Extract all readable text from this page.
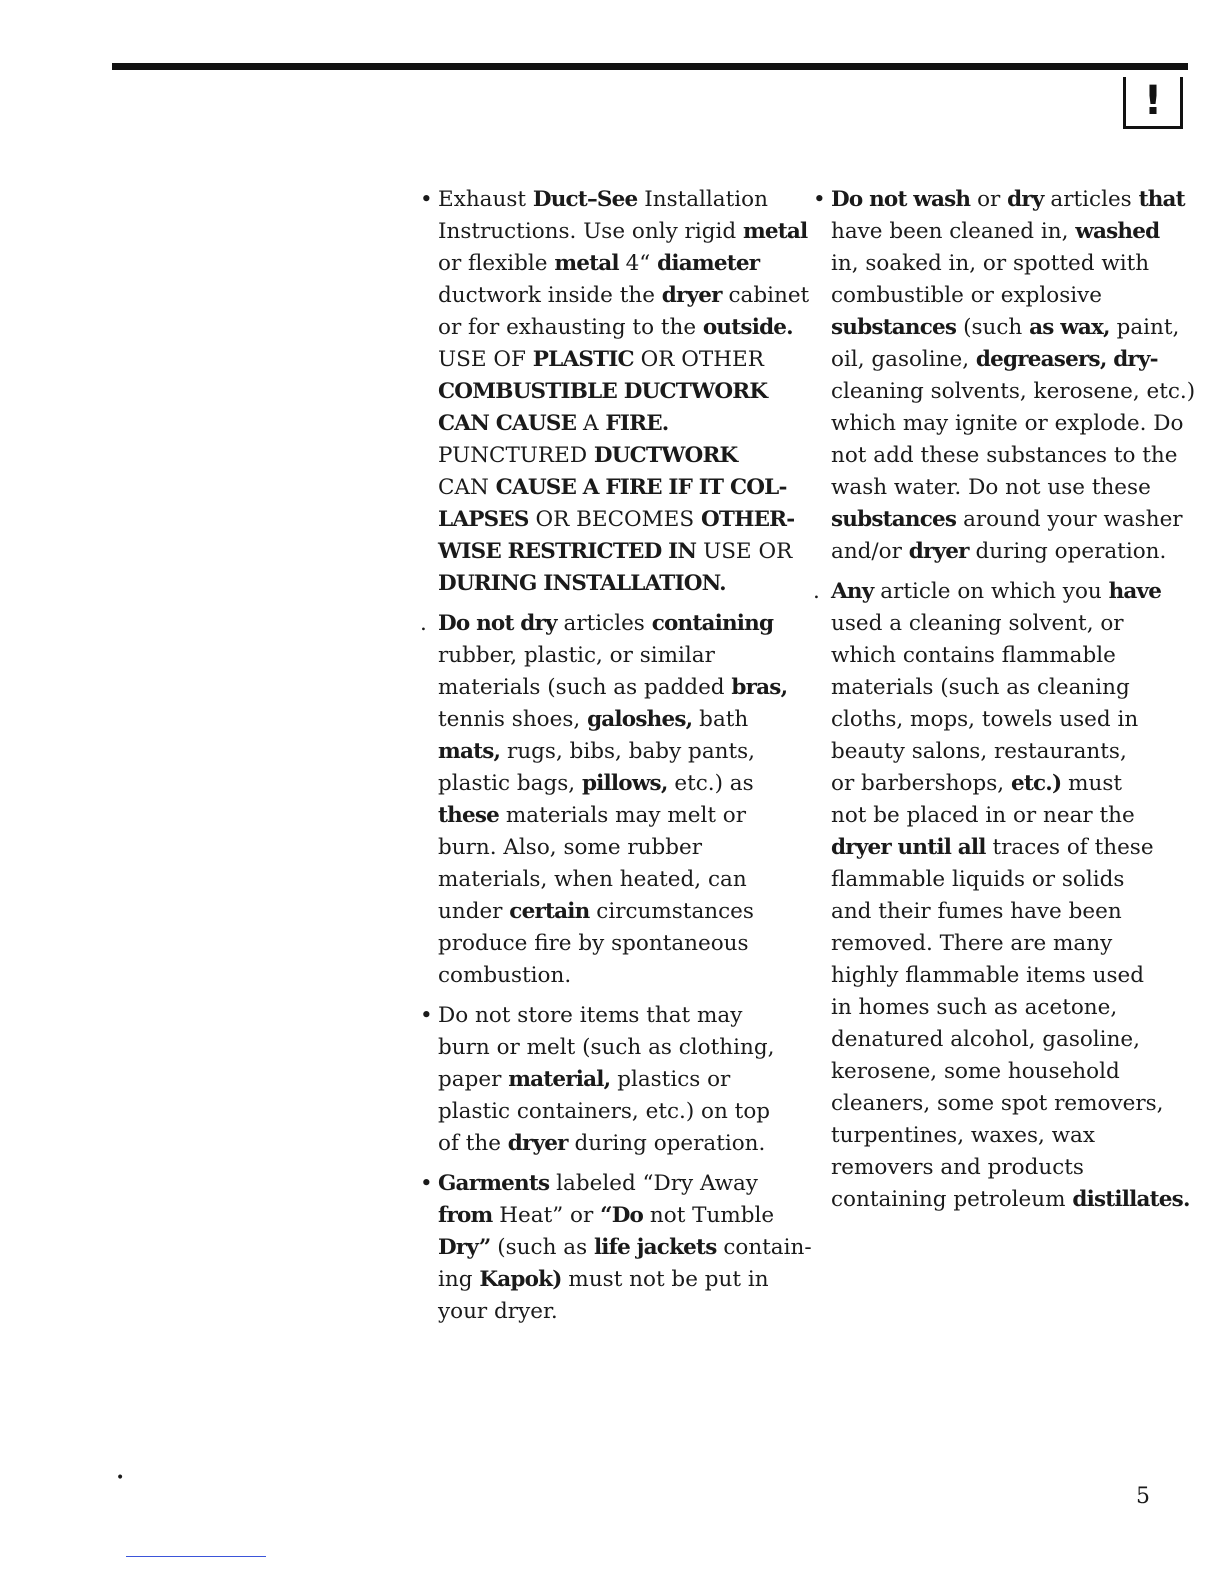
!
• Exhaust Duct–See Installation
Instructions. Use only rigid metal
or flexible metal 4“ diameter
ductwork inside the dryer cabinet
or for exhausting to the outside.
USE OF PLASTIC OR OTHER
COMBUSTIBLE DUCTWORK
CAN CAUSE A FIRE.
PUNCTURED DUCTWORK
CAN CAUSE A FIRE IF IT COL-
LAPSES OR BECOMES OTHER-
WISE RESTRICTED IN USE OR
DURING INSTALLATION.
. Do not dry articles containing
rubber, plastic, or similar
materials (such as padded bras,
tennis shoes, galoshes, bath
mats, rugs, bibs, baby pants,
plastic bags, pillows, etc.) as
these materials may melt or
burn. Also, some rubber
materials, when heated, can
under certain circumstances
produce fire by spontaneous
combustion.
• Do not store items that may
burn or melt (such as clothing,
paper material, plastics or
plastic containers, etc.) on top
of the dryer during operation.
• Garments labeled “Dry Away
from Heat” or “Do not Tumble
Dry” (such as life jackets contain-
ing Kapok) must not be put in
your dryer.
• Do not wash or dry articles that
have been cleaned in, washed
in, soaked in, or spotted with
combustible or explosive
substances (such as wax, paint,
oil, gasoline, degreasers, dry-
cleaning solvents, kerosene, etc.)
which may ignite or explode. Do
not add these substances to the
wash water. Do not use these
substances around your washer
and/or dryer during operation.
. Any article on which you have
used a cleaning solvent, or
which contains flammable
materials (such as cleaning
cloths, mops, towels used in
beauty salons, restaurants,
or barbershops, etc.) must
not be placed in or near the
dryer until all traces of these
flammable liquids or solids
and their fumes have been
removed. There are many
highly flammable items used
in homes such as acetone,
denatured alcohol, gasoline,
kerosene, some household
cleaners, some spot removers,
turpentines, waxes, wax
removers and products
containing petroleum distillates.
•
5
